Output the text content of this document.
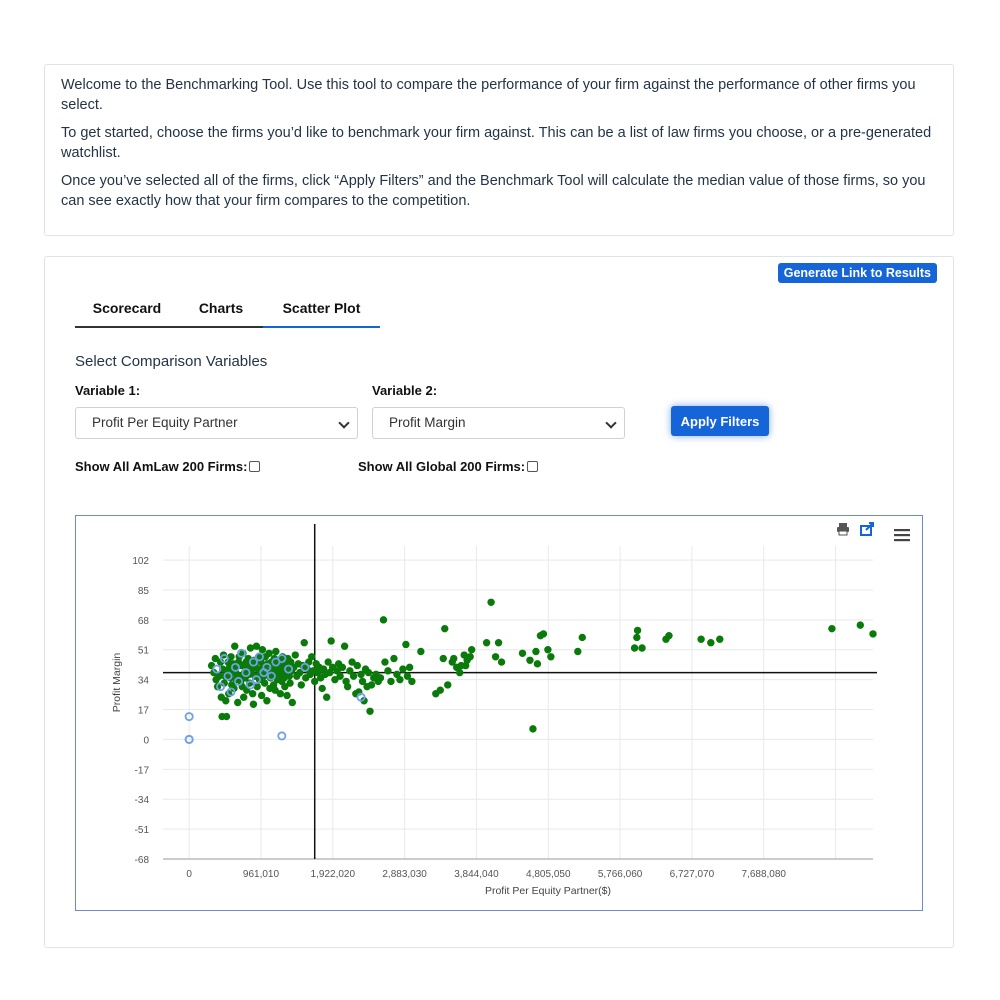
Welcome to the Benchmarking Tool. Use this tool to compare the performance of your firm against the performance of other firms you select.

To get started, choose the firms you’d like to benchmark your firm against. This can be a list of law firms you choose, or a pre-generated watchlist.

Once you’ve selected all of the firms, click “Apply Filters” and the Benchmark Tool will calculate the median value of those firms, so you can see exactly how that your firm compares to the competition.

Generate Link to Results
Scorecard	Charts	Scatter Plot
Select Comparison Variables
Variable 1:
Profit Per Equity Partner
Variable 2:
Profit Margin	Apply Filters
Show All AmLaw 200 Firms:	Show All Global 200 Firms:
102
85
68
51
34
17
0
-17
-34
-51
-68
0	961,010	1,922,020	2,883,030	3,844,040	4,805,050	5,766,060	6,727,070	7,688,080
Profit Per Equity Partner($)
Profit Margin
